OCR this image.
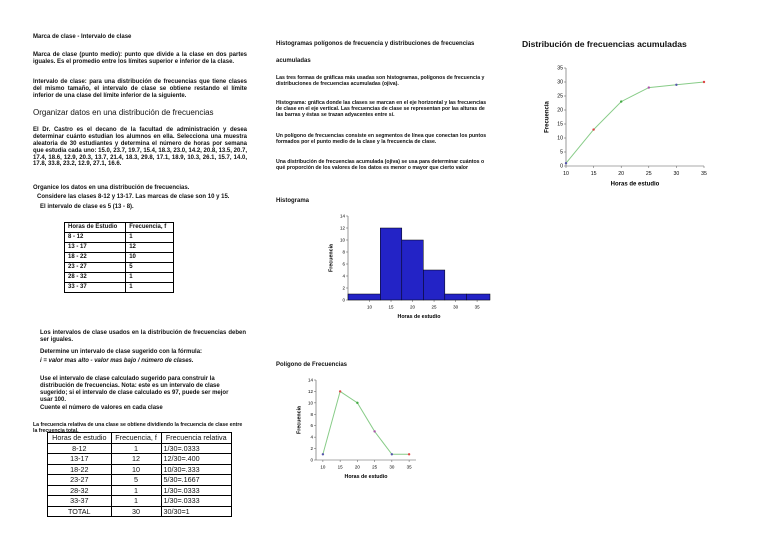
Marca de clase - Intervalo de clase
Marca de clase (punto medio): punto que divide a la clase en dos partes iguales. Es el promedio entre los límites superior e inferior de la clase.
Intervalo de clase: para una distribución de frecuencias que tiene clases del mismo tamaño, el intervalo de clase se obtiene restando el límite inferior de una clase del límite inferior de la siguiente.
Organizar datos en una distribución de frecuencias
El Dr. Castro es el decano de la facultad de administración y desea determinar cuánto estudian los alumnos en ella. Selecciona una muestra aleatoria de 30 estudiantes y determina el número de horas por semana que estudia cada uno: 15.0, 23.7, 19.7, 15.4, 18.3, 23.0, 14.2, 20.8, 13.5, 20.7, 17.4, 18.6, 12.9, 20.3, 13.7, 21.4, 18.3, 29.8, 17.1, 18.9, 10.3, 26.1, 15.7, 14.0, 17.8, 33.8, 23.2, 12.9, 27.1, 16.6.
Organice los datos en una distribución de frecuencias.
Considere las clases 8-12 y 13-17. Las marcas de clase son 10 y 15.
El intervalo de clase es 5 (13 - 8).
Horas de Estudio	Frecuencia, f
8 - 12	1
13 - 17	12
18 - 22	10
23 - 27	5
28 - 32	1
33 - 37	1
Los intervalos de clase usados en la distribución de frecuencias deben ser iguales.
Determine un intervalo de clase sugerido con la fórmula:
i = valor mas alto - valor mas bajo / número de clases.
Use el intervalo de clase calculado sugerido para construir la distribución de frecuencias. Nota: este es un intervalo de clase sugerido; si el intervalo de clase calculado es 97, puede ser mejor usar 100.
Cuente el número de valores en cada clase
La frecuencia relativa de una clase se obtiene dividiendo la frecuencia de clase entre la frecuencia total.
Horas de estudio	Frecuencia, f	Frecuencia relativa
8-12	1	1/30=.0333
13-17	12	12/30=.400
18-22	10	10/30=.333
23-27	5	5/30=.1667
28-32	1	1/30=.0333
33-37	1	1/30=.0333
TOTAL	30	30/30=1
Histogramas polígonos de frecuencia y distribuciones de frecuencias
acumuladas
Las tres formas de gráficas más usadas son histogramas, polígonos de frecuencia y distribuciones de frecuencias acumuladas (ojiva).
Histograma: gráfica donde las clases se marcan en el eje horizontal y las frecuencias de clase en el eje vertical. Las frecuencias de clase se representan por las alturas de las barras y éstas se trazan adyacentes entre sí.
Un polígono de frecuencias consiste en segmentos de línea que conectan los puntos formados por el punto medio de la clase y la frecuencia de clase.
Una distribución de frecuencias acumulada (ojiva) se usa para determinar cuántos o qué proporción de los valores de los datos es menor o mayor que cierto valor
Histograma
Polígono de Frecuencias
0
2
4
6
8
10
12
14
10	15	20	25	30	35
Horas de estudio
Frecuencia
0
2
4
6
8
10
12
14
10	15	20	25	30	35
Horas de estudio
Frecuencia
Distribución de frecuencias acumuladas
0
5
10
15
20
25
30
35
10	15	20	25	30	35
Horas de estudio
Frecuencia
